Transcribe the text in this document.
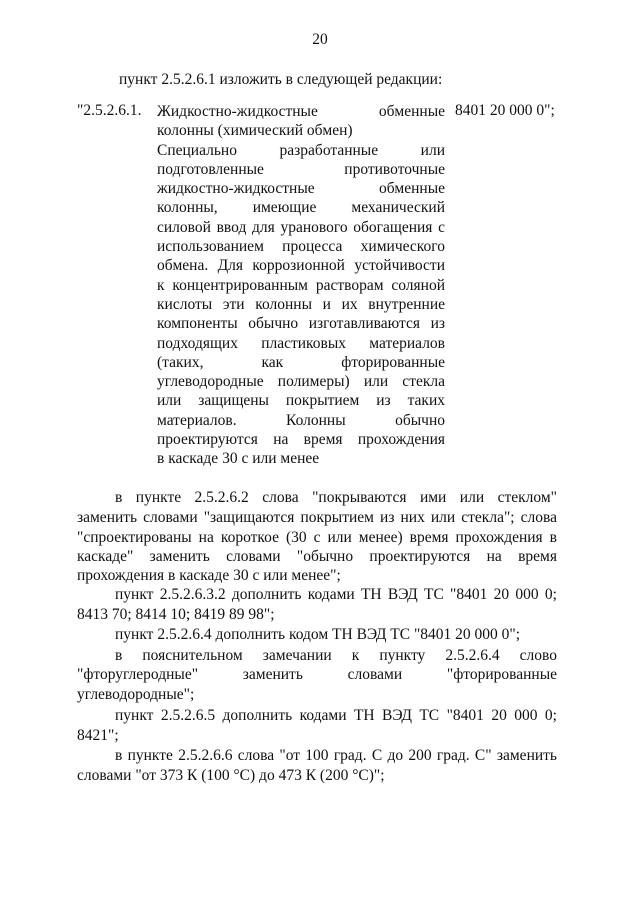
20
пункт 2.5.2.6.1 изложить в следующей редакции:
"2.5.2.6.1.	8401 20 000 0";

Жидкостно-жидкостные обменные

колонны (химический обмен)

Специально разработанные или

подготовленные противоточные

жидкостно-жидкостные обменные

колонны, имеющие механический

силовой ввод для уранового обогащения с

использованием процесса химического

обмена. Для коррозионной устойчивости

к концентрированным растворам соляной

кислоты эти колонны и их внутренние

компоненты обычно изготавливаются из

подходящих пластиковых материалов

(таких, как фторированные

углеводородные полимеры) или стекла

или защищены покрытием из таких

материалов. Колонны обычно

проектируются на время прохождения

в каскаде 30 с или менее

в пункте 2.5.2.6.2 слова "покрываются ими или стеклом"
заменить словами "защищаются покрытием из них или стекла"; слова
"спроектированы на короткое (30 с или менее) время прохождения в
каскаде" заменить словами "обычно проектируются на время
прохождения в каскаде 30 с или менее";
пункт 2.5.2.6.3.2 дополнить кодами ТН ВЭД ТС "8401 20 000 0;
8413 70; 8414 10; 8419 89 98";
пункт 2.5.2.6.4 дополнить кодом ТН ВЭД ТС "8401 20 000 0";
в пояснительном замечании к пункту 2.5.2.6.4 слово
"фторуглеродные" заменить словами "фторированные
углеводородные";
пункт 2.5.2.6.5 дополнить кодами ТН ВЭД ТС "8401 20 000 0;
8421";
в пункте 2.5.2.6.6 слова "от 100 град. С до 200 град. С" заменить
словами "от 373 К (100 °С) до 473 К (200 °С)";
